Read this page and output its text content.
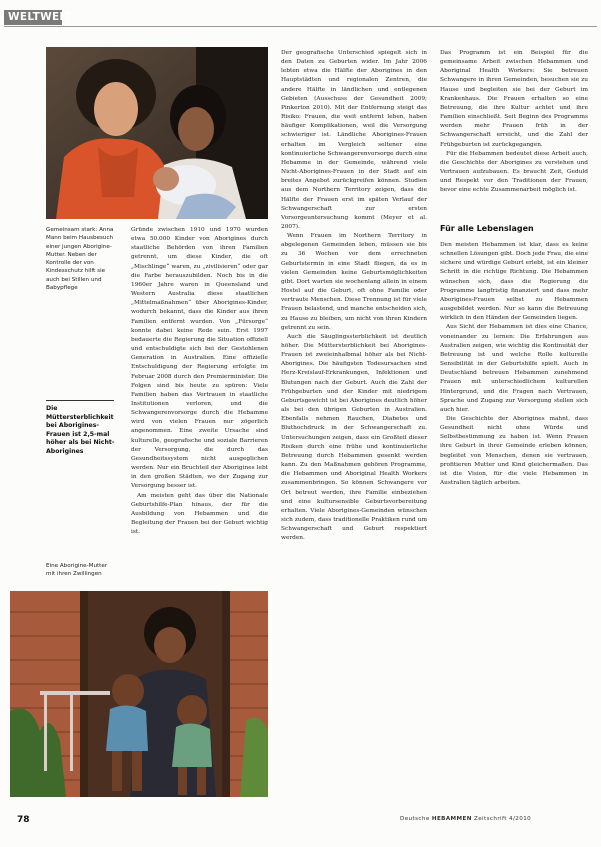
WELTWEIT
Gemeinsam stark: Anna Mann beim Hausbesuch einer jungen Aborigine-Mutter. Neben der Kontrolle der von Kindesschutz hilft sie auch bei Stillen und Babypflege
Die Müttersterblichkeit bei Aborigines-Frauen ist 2,5-mal höher als bei Nicht-Aborigines
Eine Aborigine-Mutter mit ihren Zwillingen

Gründe zwischen 1910 und 1970 wurden etwa 50.000 Kinder von Aborigines durch staatliche Behörden von ihren Familien getrennt, um diese Kinder, die oft „Mischlinge“ waren, zu „zivilisieren“ oder gar die Farbe herauszubilden. Noch bis in die 1960er Jahre waren in Queensland und Western Australia diese staatlichen „Mittelmaßnahmen“ über Aborigines-Kinder, wodurch bekannt, dass die Kinder aus ihren Familien entfernt wurden. Von „Fürsorge“ konnte dabei keine Rede sein. Erst 1997 bedauerte die Regierung die Situation offiziell und entschuldigte sich bei der Gestohlenen Generation in Australien. Eine offizielle Entschuldigung der Regierung erfolgte im Februar 2008 durch den Premierminister. Die Folgen sind bis heute zu spüren: Viele Familien haben das Vertrauen in staatliche Institutionen verloren, und die Schwangerenvorsorge durch die Hebamme wird von vielen Frauen nur zögerlich angenommen. Eine zweite Ursache sind kulturelle, geografische und soziale Barrieren der Versorgung, die durch das Gesundheitssystem nicht ausgeglichen werden. Nur ein Bruchteil der Aborigines lebt in den großen Städten, wo der Zugang zur Versorgung besser ist.

Am meisten geht das über die Nationale Geburtshilfe-Plan hinaus, der für die Ausbildung von Hebammen und die Begleitung der Frauen bei der Geburt wichtig ist.

Der geografische Unterschied spiegelt sich in den Daten zu Geburten wider. Im Jahr 2006 lebten etwa die Hälfte der Aborigines in den Hauptstädten und regionalen Zentren, die andere Hälfte in ländlichen und entlegenen Gebieten (Ausschuss der Gesundheit 2009; Pinkerton 2010). Mit der Entfernung steigt das Risiko: Frauen, die weit entfernt leben, haben häufiger Komplikationen, weil die Versorgung schwieriger ist. Ländliche Aborigines-Frauen erhalten im Vergleich seltener eine kontinuierliche Schwangerenvorsorge durch eine Hebamme in der Gemeinde, während viele Nicht-Aborigines-Frauen in der Stadt auf ein breites Angebot zurückgreifen können. Studien aus dem Northern Territory zeigen, dass die Hälfte der Frauen erst im späten Verlauf der Schwangerschaft zur ersten Vorsorgeuntersuchung kommt (Meyer et al. 2007).

Wenn Frauen im Northern Territory in abgelegenen Gemeinden leben, müssen sie bis zu 36 Wochen vor dem errechneten Geburtstermin in eine Stadt fliegen, da es in vielen Gemeinden keine Geburtsmöglichkeiten gibt. Dort warten sie wochenlang allein in einem Hostel auf die Geburt, oft ohne Familie oder vertraute Menschen. Diese Trennung ist für viele Frauen belastend, und manche entscheiden sich, zu Hause zu bleiben, um nicht von ihren Kindern getrennt zu sein.

Auch die Säuglingssterblichkeit ist deutlich höher. Die Müttersterblichkeit bei Aborigines-Frauen ist zweieinhalbmal höher als bei Nicht-Aborigines. Die häufigsten Todesursachen sind Herz-Kreislauf-Erkrankungen, Infektionen und Blutungen nach der Geburt. Auch die Zahl der Frühgeburten und der Kinder mit niedrigem Geburtsgewicht ist bei Aborigines deutlich höher als bei den übrigen Geburten in Australien. Ebenfalls nehmen Rauchen, Diabetes und Bluthochdruck in der Schwangerschaft zu. Untersuchungen zeigen, dass ein Großteil dieser Risiken durch eine frühe und kontinuierliche Betreuung durch Hebammen gesenkt werden kann. Zu den Maßnahmen gehören Programme, die Hebammen und Aboriginal Health Workers zusammenbringen. So können Schwangere vor Ort betreut werden, ihre Familie einbeziehen und eine kultursensible Geburtsvorbereitung erhalten. Viele Aborigines-Gemeinden wünschen sich zudem, dass traditionelle Praktiken rund um Schwangerschaft und Geburt respektiert werden.

Das Programm ist ein Beispiel für die gemeinsame Arbeit zwischen Hebammen und Aboriginal Health Workers: Sie betreuen Schwangere in ihren Gemeinden, besuchen sie zu Hause und begleiten sie bei der Geburt im Krankenhaus. Die Frauen erhalten so eine Betreuung, die ihre Kultur achtet und ihre Familien einschließt. Seit Beginn des Programms werden mehr Frauen früh in der Schwangerschaft erreicht, und die Zahl der Frühgeburten ist zurückgegangen.

Für die Hebammen bedeutet diese Arbeit auch, die Geschichte der Aborigines zu verstehen und Vertrauen aufzubauen. Es braucht Zeit, Geduld und Respekt vor den Traditionen der Frauen, bevor eine echte Zusammenarbeit möglich ist.

Für alle Lebenslagen

Den meisten Hebammen ist klar, dass es keine schnellen Lösungen gibt. Doch jede Frau, die eine sichere und würdige Geburt erlebt, ist ein kleiner Schritt in die richtige Richtung. Die Hebammen wünschen sich, dass die Regierung die Programme langfristig finanziert und dass mehr Aborigines-Frauen selbst zu Hebammen ausgebildet werden. Nur so kann die Betreuung wirklich in den Händen der Gemeinden liegen.

Aus Sicht der Hebammen ist dies eine Chance, voneinander zu lernen: Die Erfahrungen aus Australien zeigen, wie wichtig die Kontinuität der Betreuung ist und welche Rolle kulturelle Sensibilität in der Geburtshilfe spielt. Auch in Deutschland betreuen Hebammen zunehmend Frauen mit unterschiedlichem kulturellen Hintergrund, und die Fragen nach Vertrauen, Sprache und Zugang zur Versorgung stellen sich auch hier.

Die Geschichte der Aborigines mahnt, dass Gesundheit nicht ohne Würde und Selbstbestimmung zu haben ist. Wenn Frauen ihre Geburt in ihrer Gemeinde erleben können, begleitet von Menschen, denen sie vertrauen, profitieren Mutter und Kind gleichermaßen. Das ist die Vision, für die viele Hebammen in Australien täglich arbeiten.

78	Deutsche HEBAMMEN Zeitschrift 4/2010
